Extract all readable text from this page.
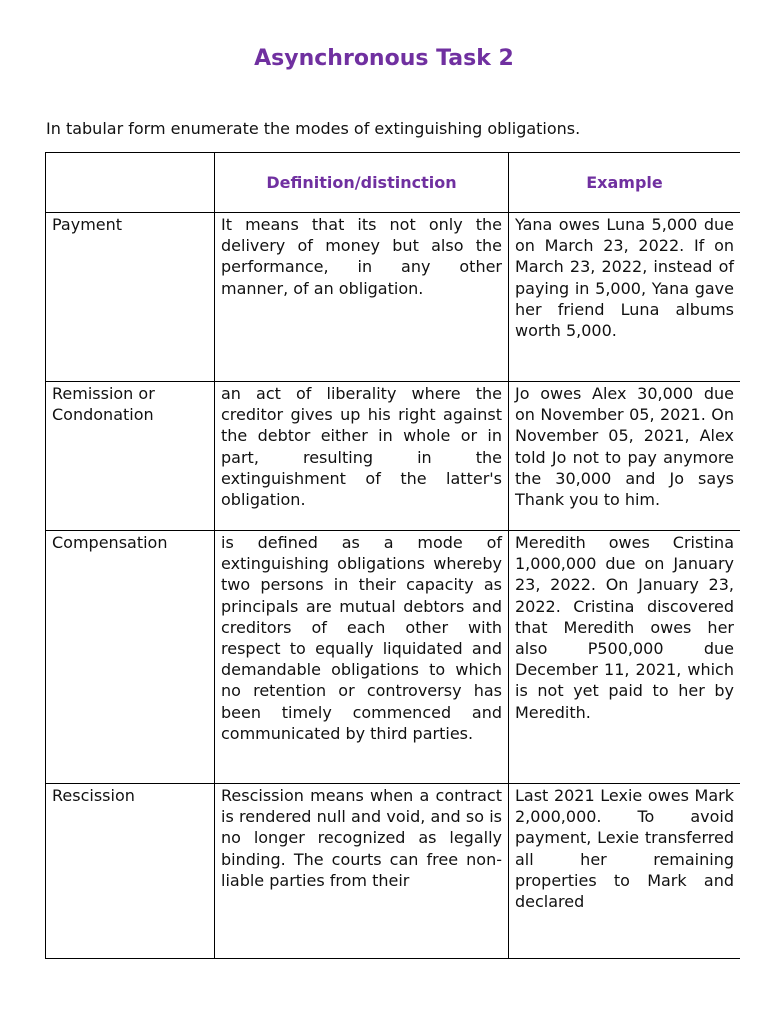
Asynchronous Task 2
In tabular form enumerate the modes of extinguishing obligations.
	Definition/distinction	Example
Payment	It means that its not only the delivery of money but also the performance, in any other manner, of an obligation.	Yana owes Luna 5,000 due on March 23, 2022. If on March 23, 2022, instead of paying in 5,000, Yana gave her friend Luna albums worth 5,000.
Remission or Condonation	an act of liberality where the creditor gives up his right against the debtor either in whole or in part, resulting in the extinguishment of the latter's obligation.	Jo owes Alex 30,000 due on November 05, 2021. On November 05, 2021, Alex told Jo not to pay anymore the 30,000 and Jo says Thank you to him.
Compensation	is defined as a mode of extinguishing obligations whereby two persons in their capacity as principals are mutual debtors and creditors of each other with respect to equally liquidated and demandable obligations to which no retention or controversy has been timely commenced and communicated by third parties.	Meredith owes Cristina 1,000,000 due on January 23, 2022. On January 23, 2022. Cristina discovered that Meredith owes her also P500,000 due December 11, 2021, which is not yet paid to her by Meredith.
Rescission	Rescission means when a contract is rendered null and void, and so is no longer recognized as legally binding. The courts can free non-liable parties from their	Last 2021 Lexie owes Mark 2,000,000. To avoid payment, Lexie transferred all her remaining properties to Mark and declared
